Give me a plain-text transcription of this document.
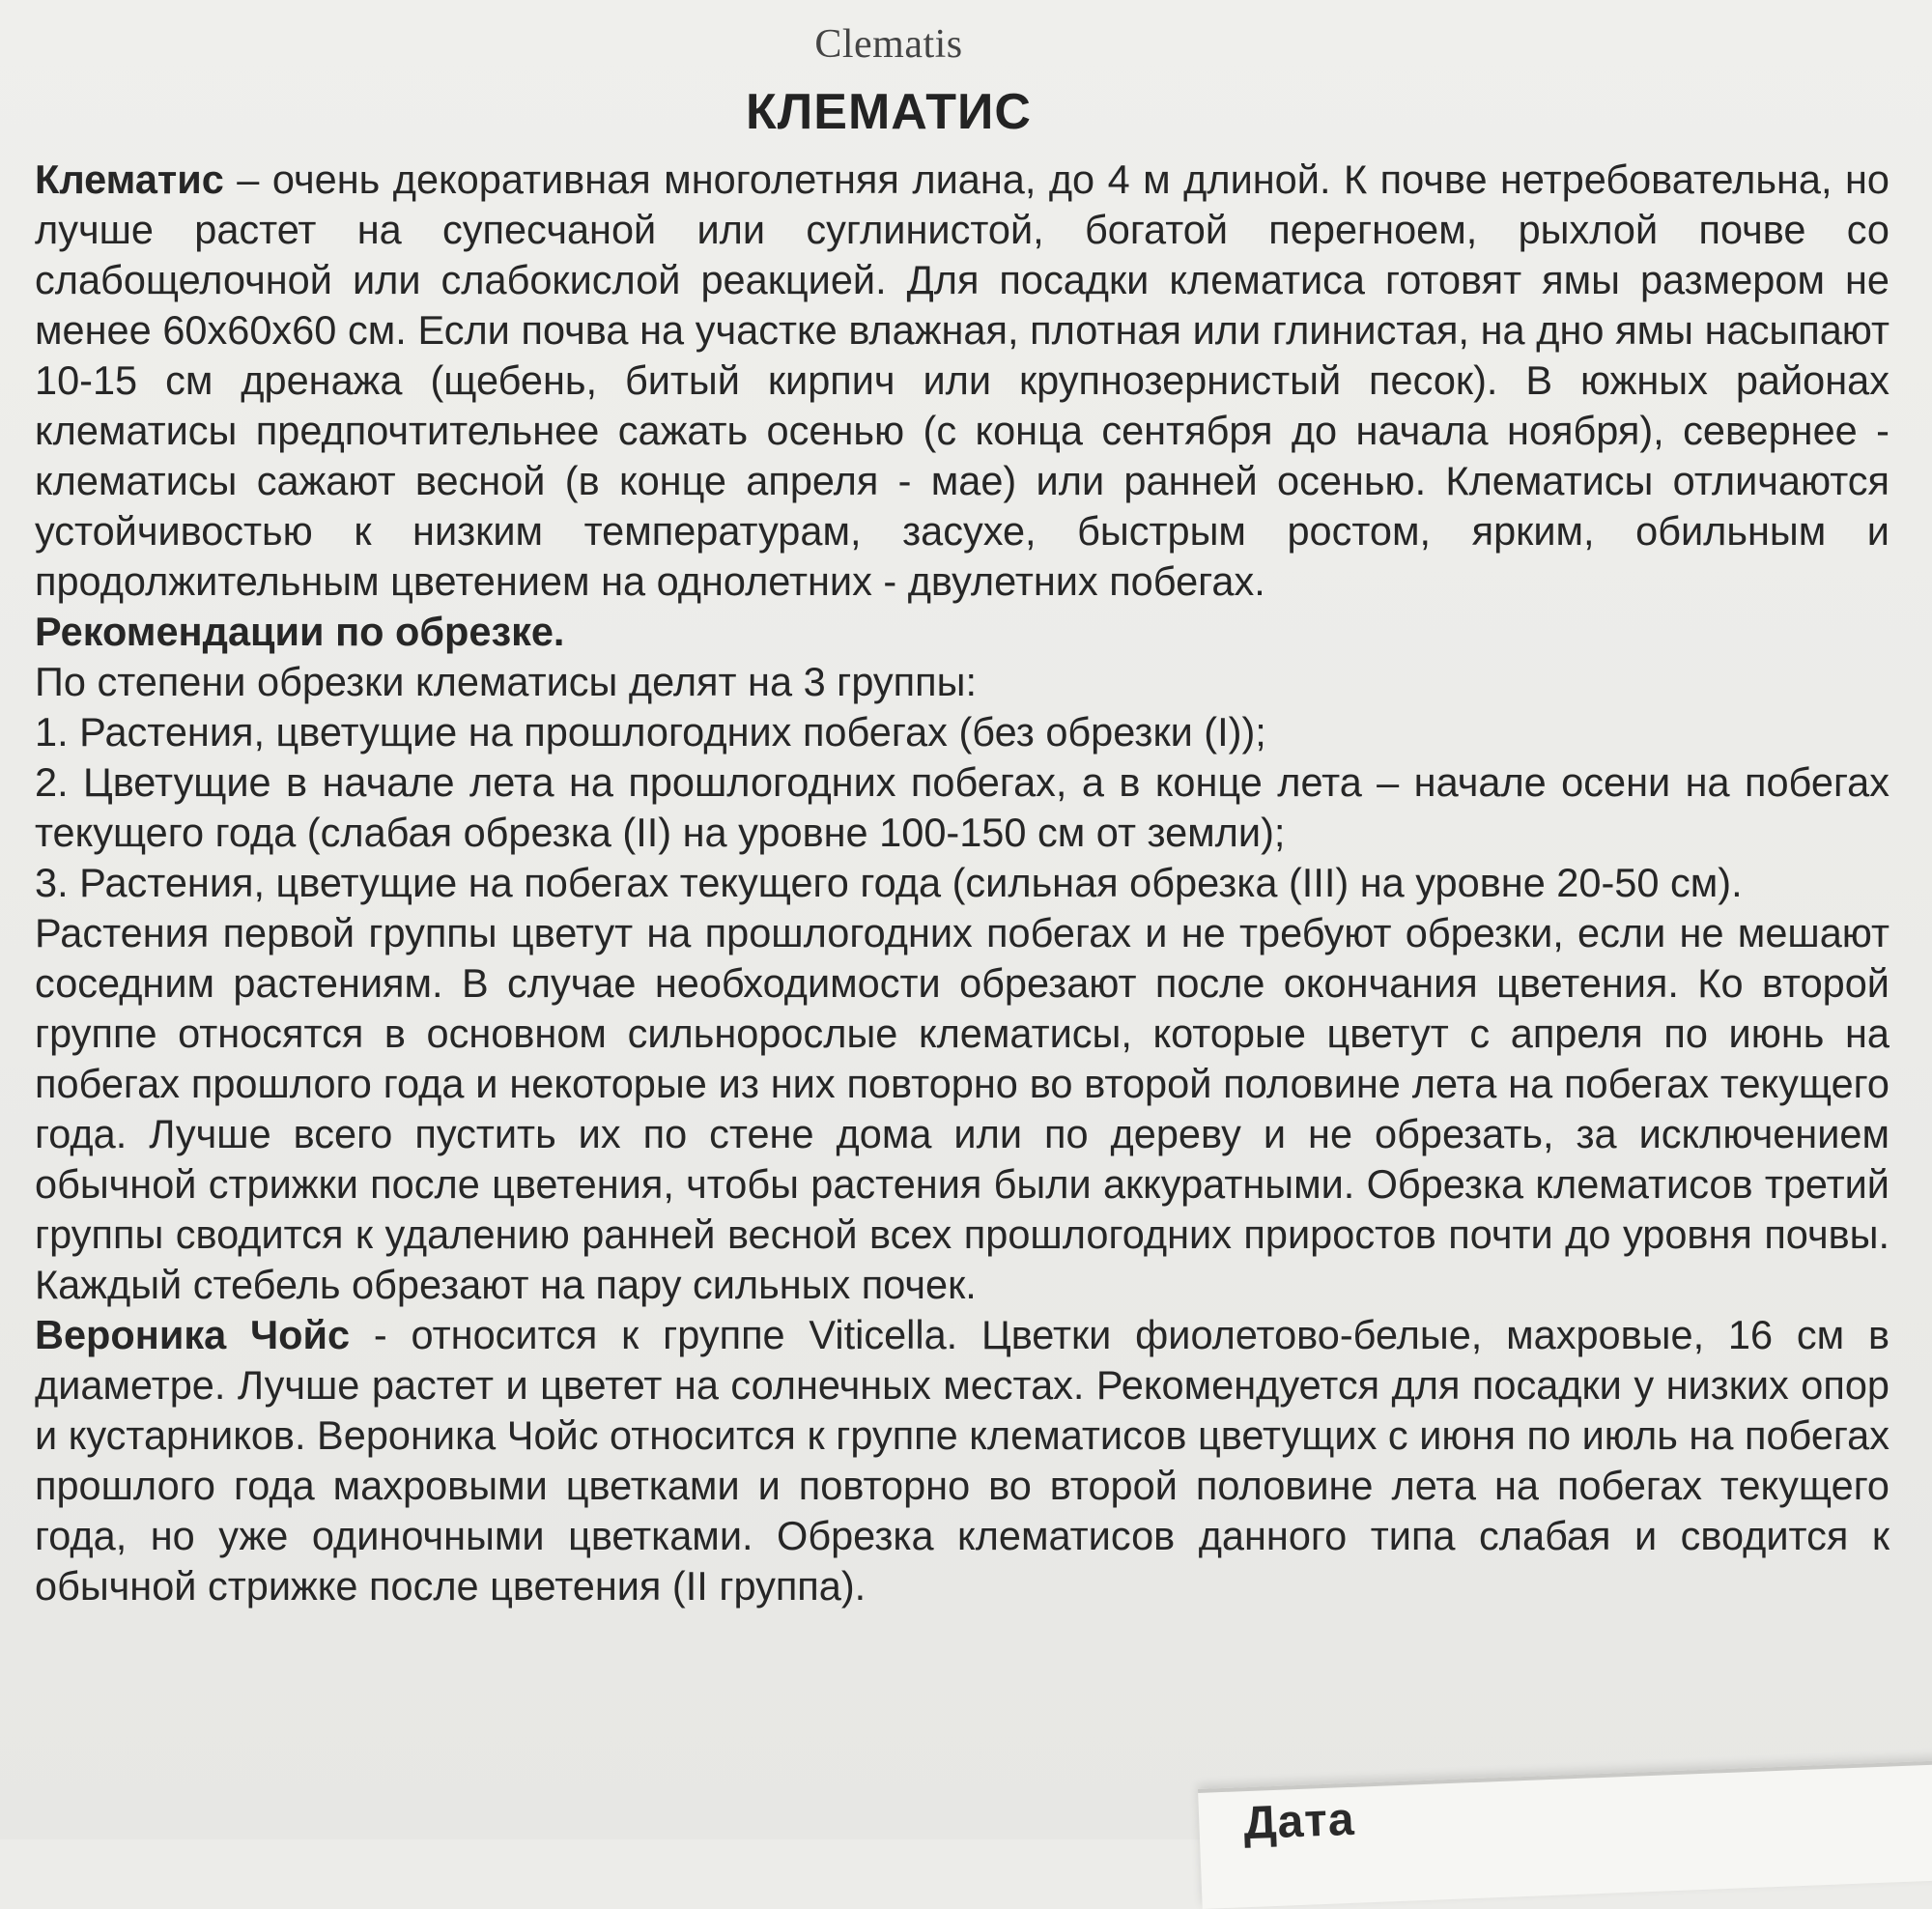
Clematis
КЛЕМАТИС

Клематис – очень декоративная многолетняя лиана, до 4 м длиной. К почве нетребовательна, но лучше растет на супесчаной или суглинистой, богатой перегноем, рыхлой почве со слабощелочной или слабокислой реакцией. Для посадки клематиса готовят ямы размером не менее 60х60х60 см. Если почва на участке влажная, плотная или глинистая, на дно ямы насыпают 10-15 см дренажа (щебень, битый кирпич или крупнозернистый песок). В южных районах клематисы предпочтительнее сажать осенью (с конца сентября до начала ноября), севернее - клематисы сажают весной (в конце апреля - мае) или ранней осенью. Клематисы отличаются устойчивостью к низким температурам, засухе, быстрым ростом, ярким, обильным и продолжительным цветением на однолетних - двулетних побегах.

Рекомендации по обрезке.

По степени обрезки клематисы делят на 3 группы:

1. Растения, цветущие на прошлогодних побегах (без обрезки (I));

2. Цветущие в начале лета на прошлогодних побегах, а в конце лета – начале осени на побегах текущего года (слабая обрезка (II) на уровне 100-150 см от земли);

3. Растения, цветущие на побегах текущего года (сильная обрезка (III) на уровне 20-50 см).

Растения первой группы цветут на прошлогодних побегах и не требуют обрезки, если не мешают соседним растениям. В случае необходимости обрезают после окончания цветения. Ко второй группе относятся в основном сильнорослые клематисы, которые цветут с апреля по июнь на побегах прошлого года и некоторые из них повторно во второй половине лета на побегах текущего года. Лучше всего пустить их по стене дома или по дереву и не обрезать, за исключением обычной стрижки после цветения, чтобы растения были аккуратными. Обрезка клематисов третий группы сводится к удалению ранней весной всех прошлогодних приростов почти до уровня почвы. Каждый стебель обрезают на пару сильных почек.

Вероника Чойс - относится к группе Viticella. Цветки фиолетово-белые, махровые, 16 см в диаметре. Лучше растет и цветет на солнечных местах. Рекомендуется для посадки у низких опор и кустарников. Вероника Чойс относится к группе клематисов цветущих с июня по июль на побегах прошлого года махровыми цветками и повторно во второй половине лета на побегах текущего года, но уже одиночными цветками. Обрезка клематисов данного типа слабая и сводится к обычной стрижке после цветения (II группа).

Дата
